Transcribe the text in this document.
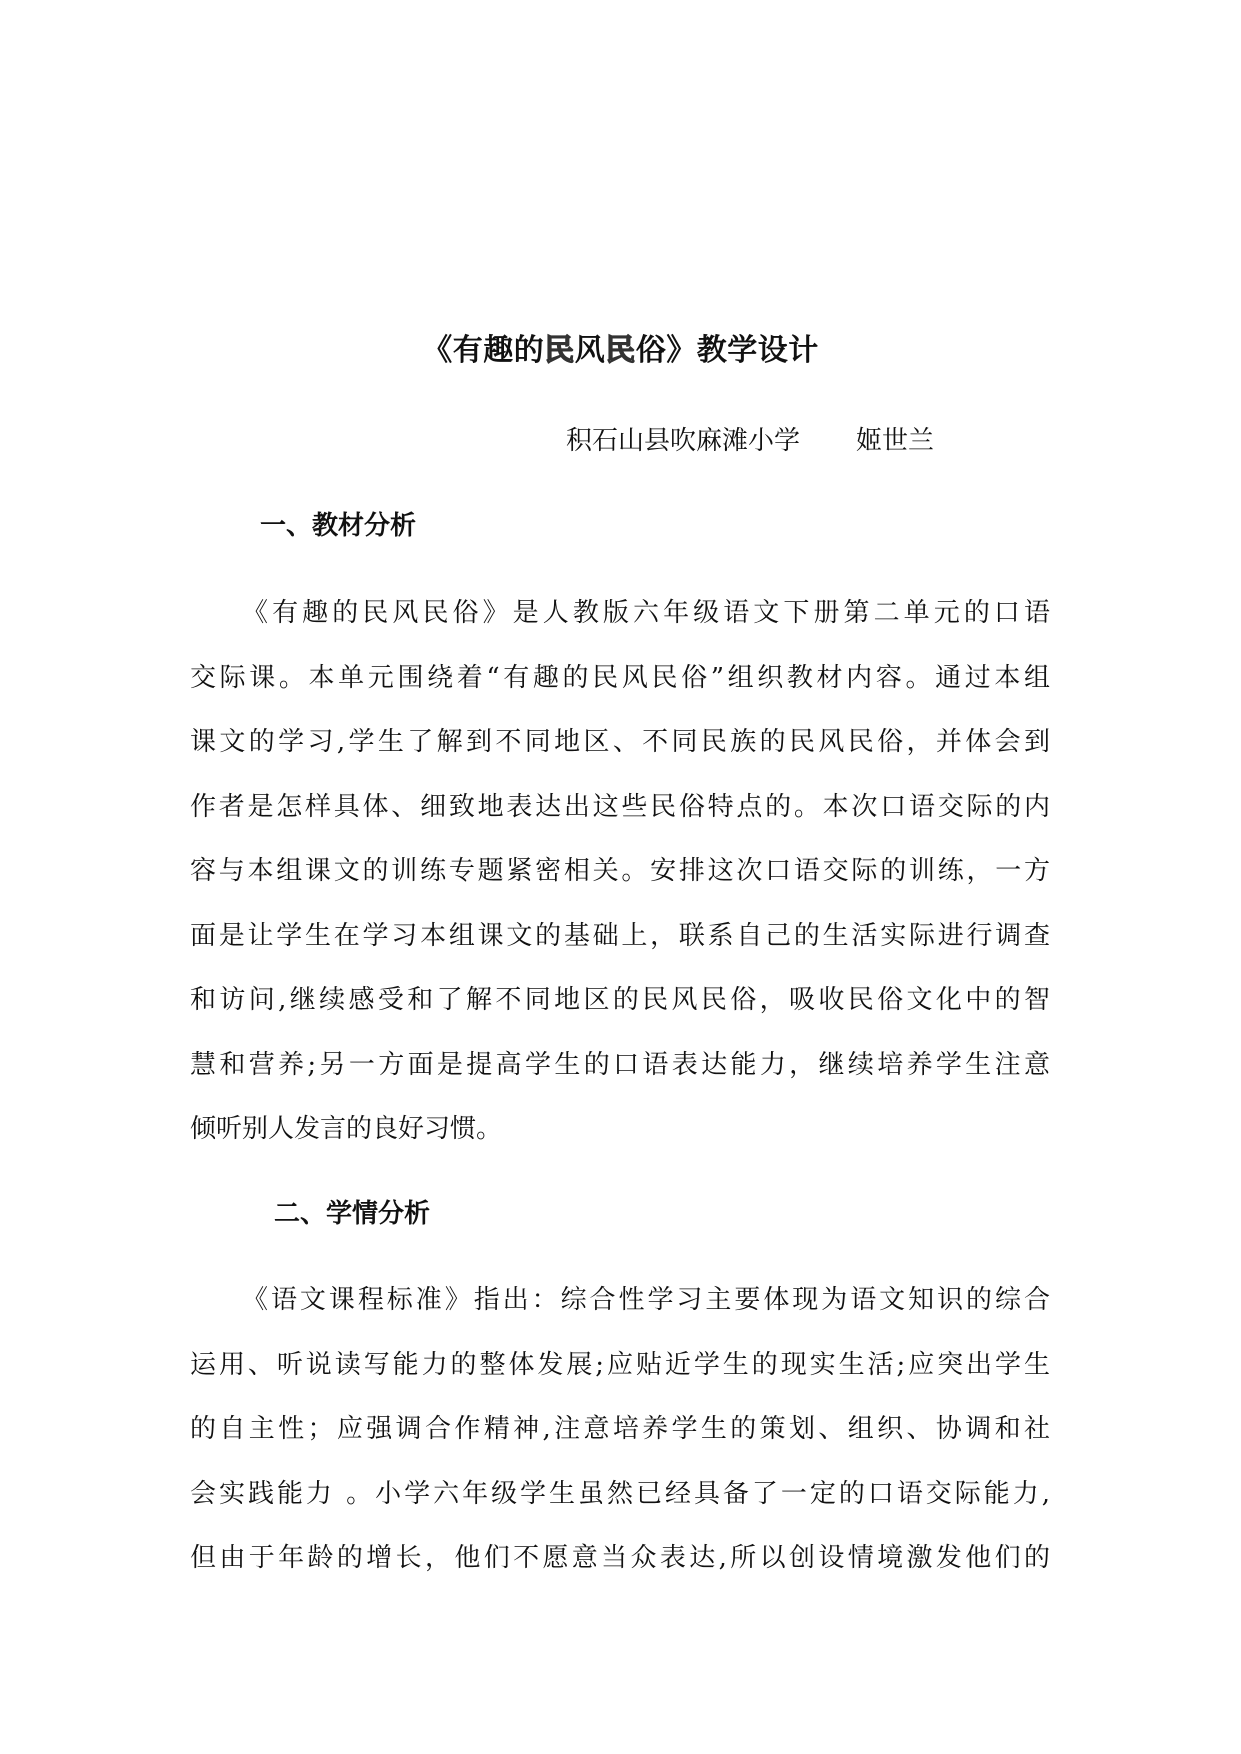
《有趣的民风民俗》教学设计

积石山县吹麻滩小学 姬世兰

一、教材分析

《有趣的民风民俗》是人教版六年级语文下册第二单元的口语
交际课。本单元围绕着“有趣的民风民俗”组织教材内容。通过本组
课文的学习,学生了解到不同地区、不同民族的民风民俗，并体会到
作者是怎样具体、细致地表达出这些民俗特点的。本次口语交际的内
容与本组课文的训练专题紧密相关。安排这次口语交际的训练，一方
面是让学生在学习本组课文的基础上，联系自己的生活实际进行调查
和访问,继续感受和了解不同地区的民风民俗，吸收民俗文化中的智
慧和营养;另一方面是提高学生的口语表达能力，继续培养学生注意
倾听别人发言的良好习惯。

二、学情分析

《语文课程标准》指出：综合性学习主要体现为语文知识的综合
运用、听说读写能力的整体发展;应贴近学生的现实生活;应突出学生
的自主性；应强调合作精神,注意培养学生的策划、组织、协调和社
会实践能力 。小学六年级学生虽然已经具备了一定的口语交际能力,
但由于年龄的增长，他们不愿意当众表达,所以创设情境激发他们的
